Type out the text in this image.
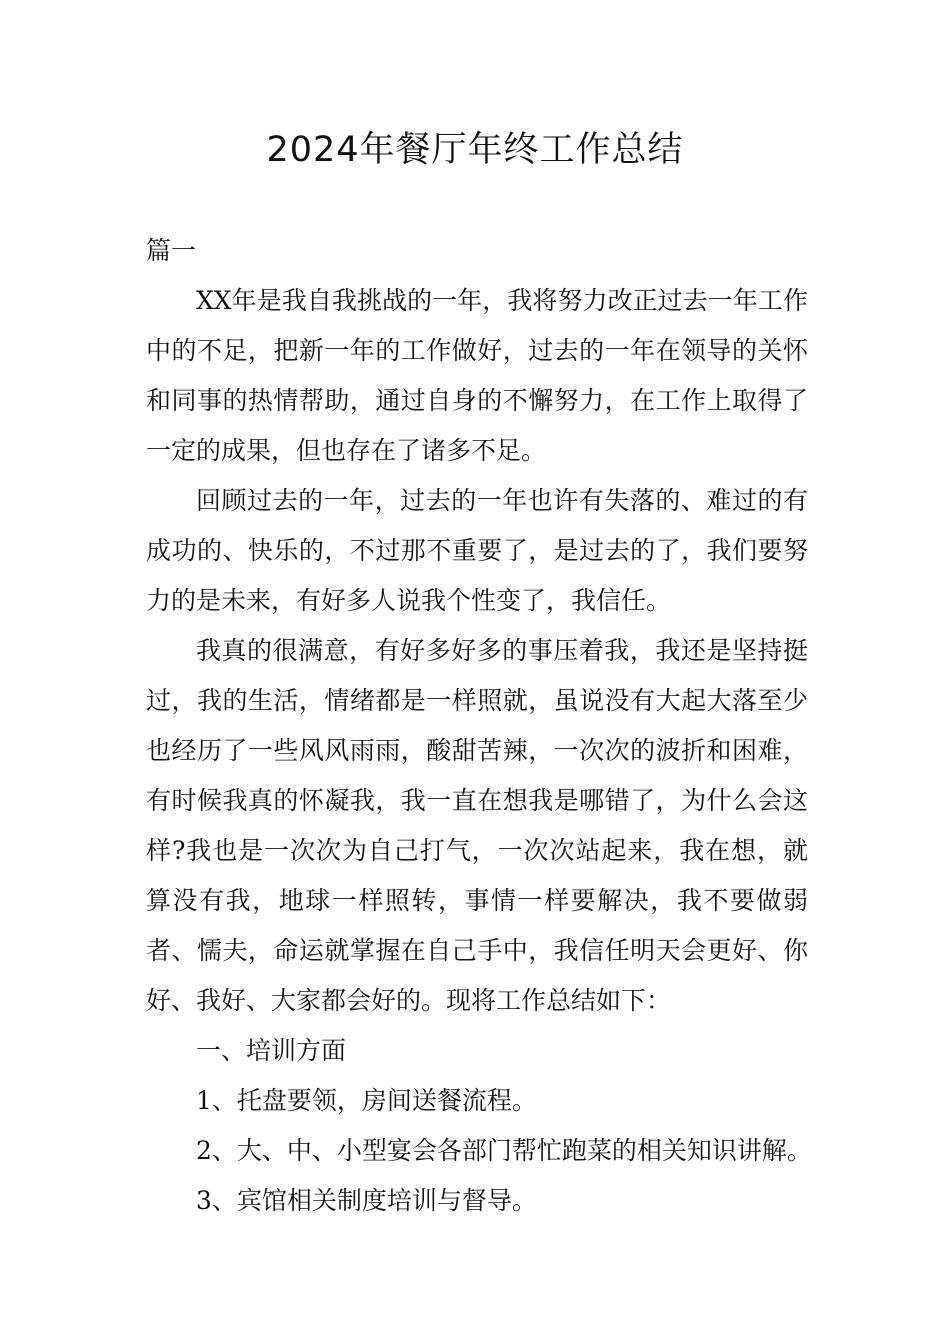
2024年餐厅年终工作总结

篇一

XX年是我自我挑战的一年，我将努力改正过去一年工作中的不足，把新一年的工作做好，过去的一年在领导的关怀和同事的热情帮助，通过自身的不懈努力，在工作上取得了一定的成果，但也存在了诸多不足。

回顾过去的一年，过去的一年也许有失落的、难过的有成功的、快乐的，不过那不重要了，是过去的了，我们要努力的是未来，有好多人说我个性变了，我信任。

我真的很满意，有好多好多的事压着我，我还是坚持挺过，我的生活，情绪都是一样照就，虽说没有大起大落至少也经历了一些风风雨雨，酸甜苦辣，一次次的波折和困难，有时候我真的怀凝我，我一直在想我是哪错了，为什么会这样?我也是一次次为自己打气，一次次站起来，我在想，就算没有我，地球一样照转，事情一样要解决，我不要做弱者、懦夫，命运就掌握在自己手中，我信任明天会更好、你好、我好、大家都会好的。现将工作总结如下：

一、培训方面

1、托盘要领，房间送餐流程。

2、大、中、小型宴会各部门帮忙跑菜的相关知识讲解。

3、宾馆相关制度培训与督导。
